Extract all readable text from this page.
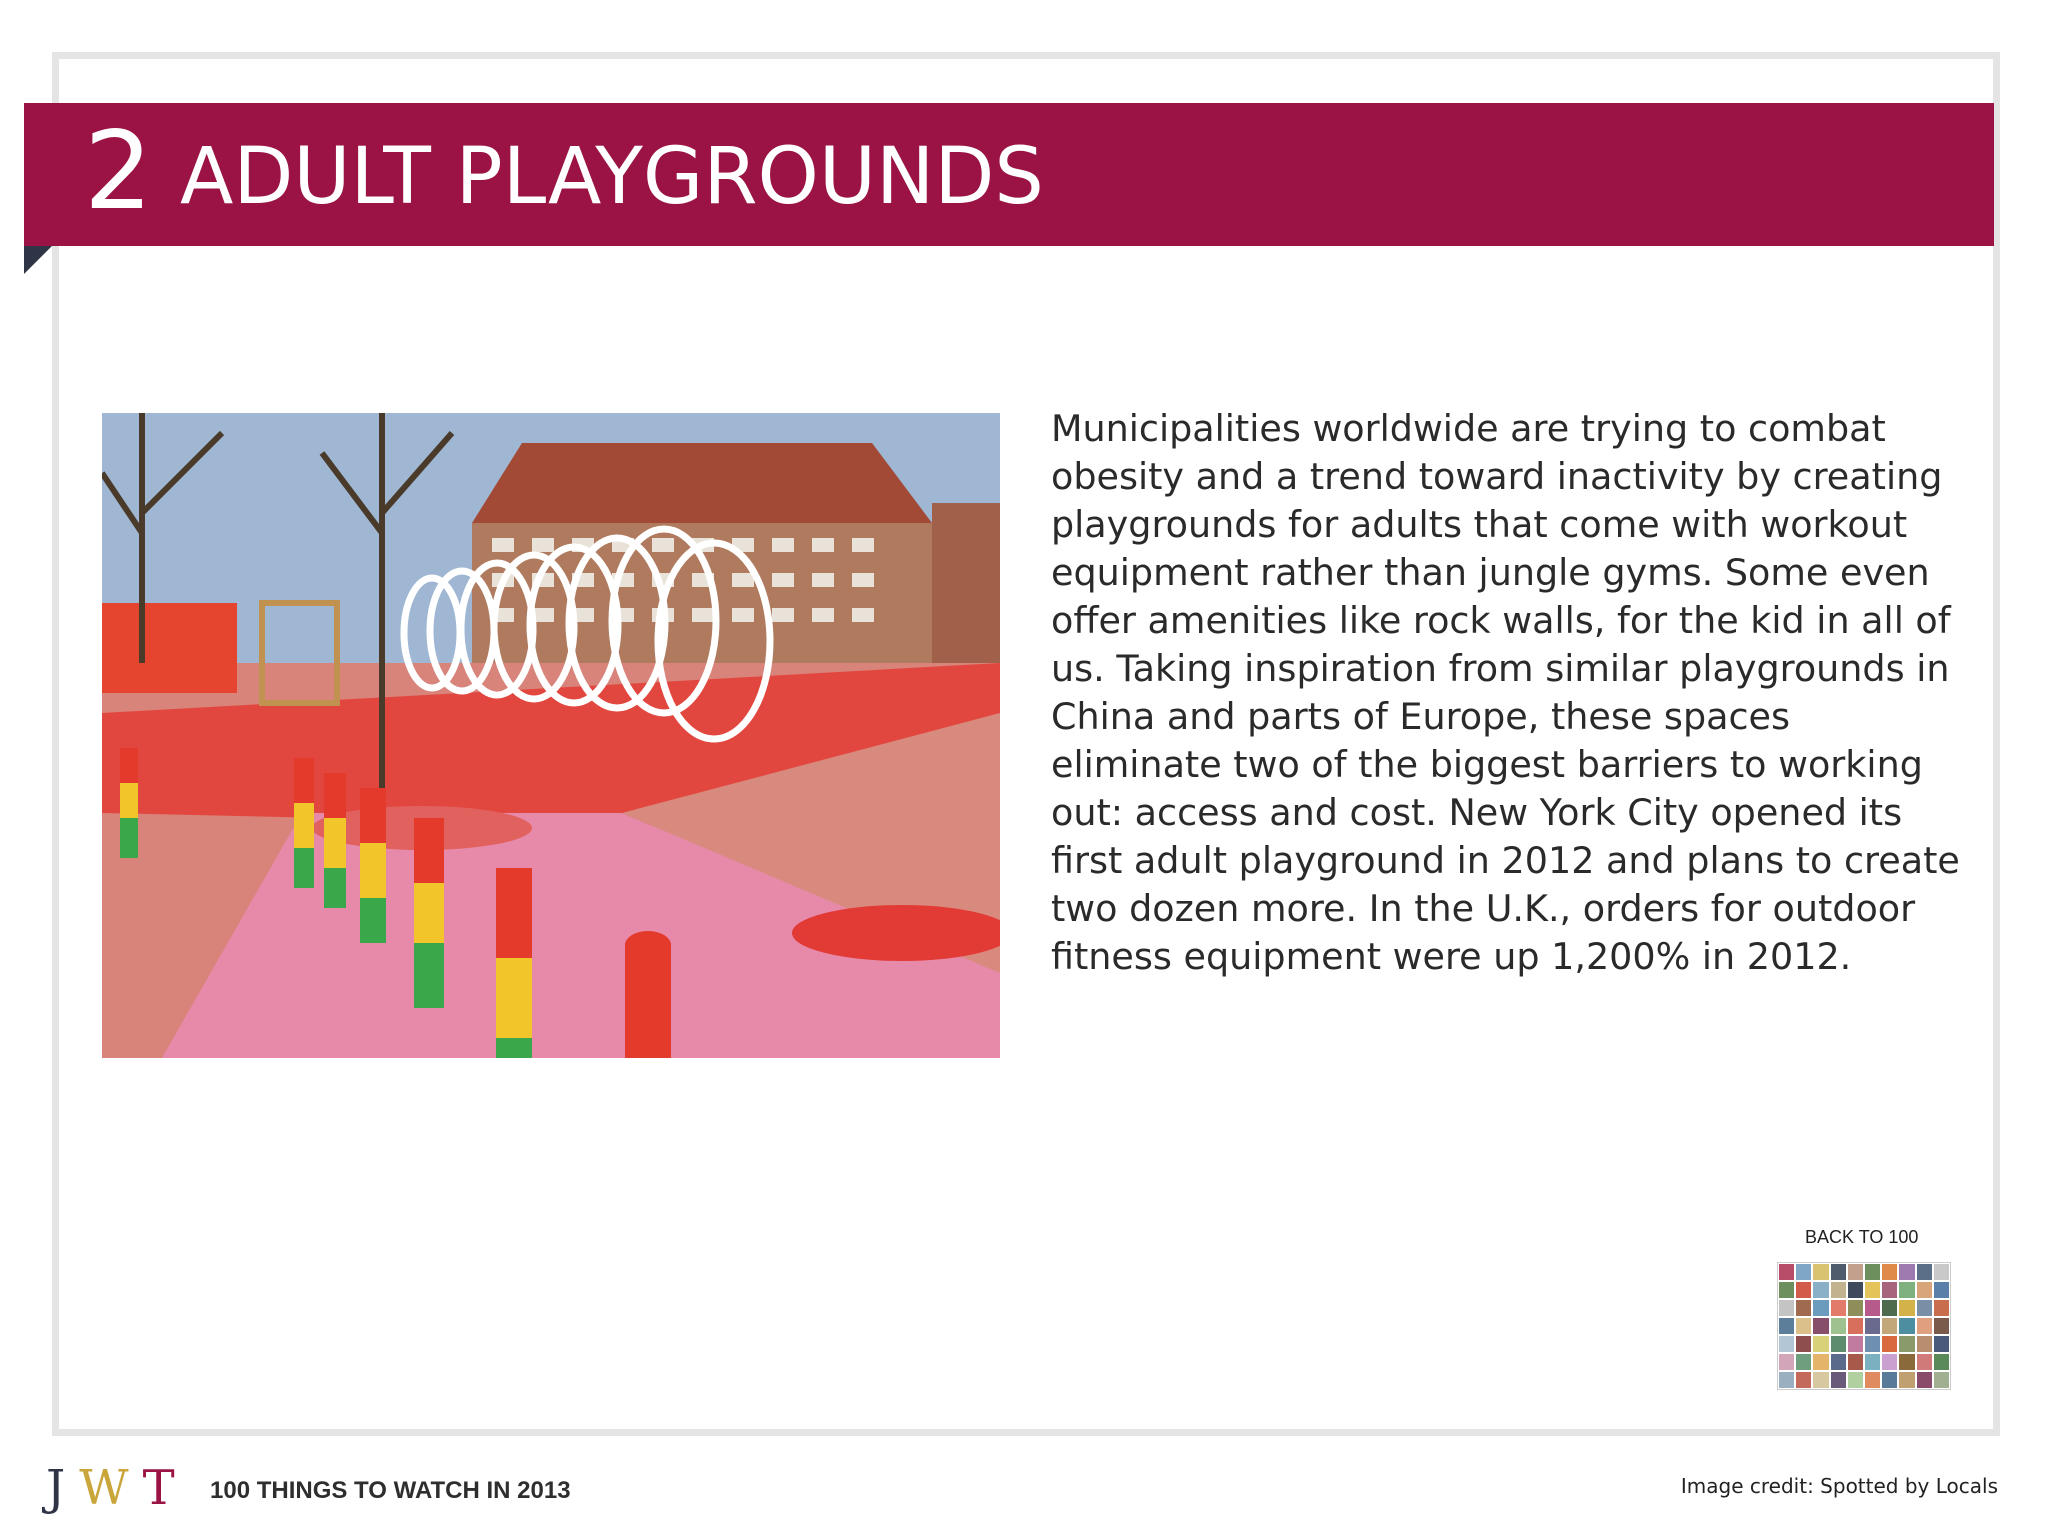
2 ADULT PLAYGROUNDS
Municipalities worldwide are trying to combat obesity and a trend toward inactivity by creating playgrounds for adults that come with workout equipment rather than jungle gyms. Some even offer amenities like rock walls, for the kid in all of us. Taking inspiration from similar playgrounds in China and parts of Europe, these spaces eliminate two of the biggest barriers to working out: access and cost. New York City opened its first adult playground in 2012 and plans to create two dozen more. In the U.K., orders for outdoor fitness equipment were up 1,200% in 2012.
BACK TO 100
JWT 100 THINGS TO WATCH IN 2013	Image credit: Spotted by Locals
